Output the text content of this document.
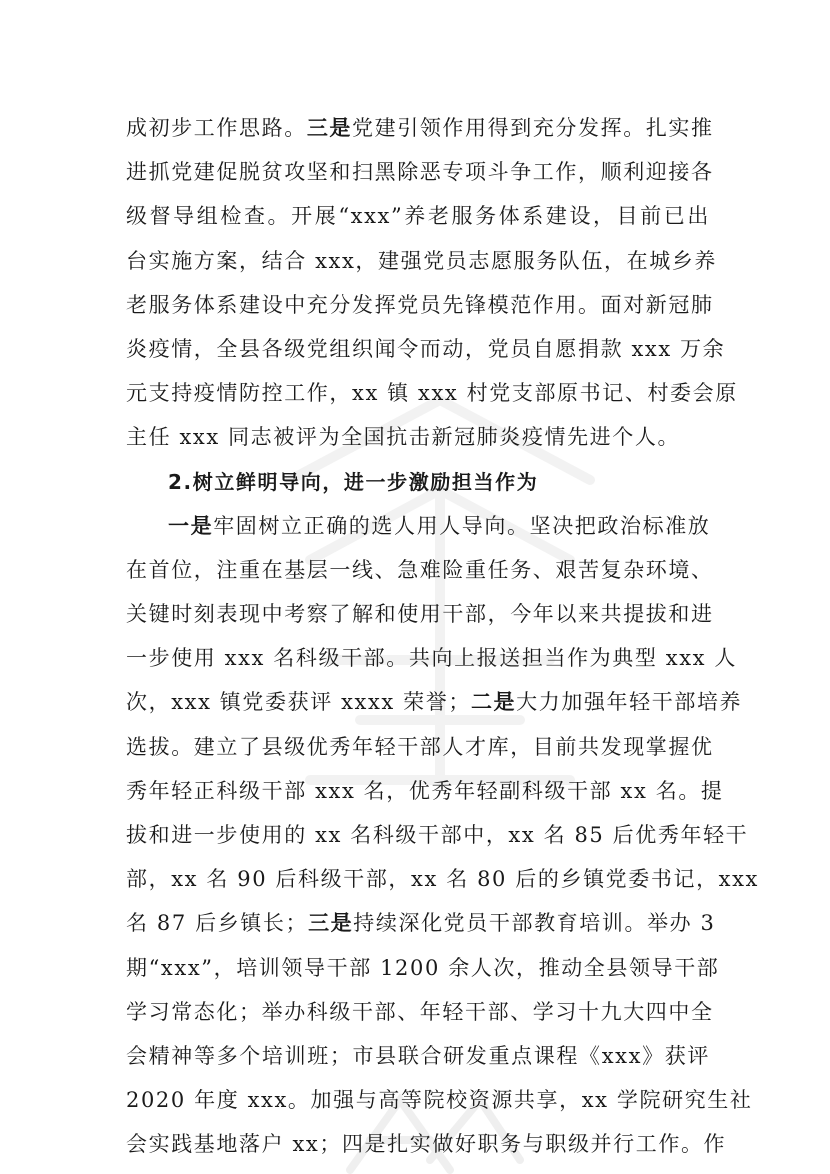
成初步工作思路。三是党建引领作用得到充分发挥。扎实推
进抓党建促脱贫攻坚和扫黑除恶专项斗争工作，顺利迎接各
级督导组检查。开展“xxx”养老服务体系建设，目前已出
台实施方案，结合 xxx，建强党员志愿服务队伍，在城乡养
老服务体系建设中充分发挥党员先锋模范作用。面对新冠肺
炎疫情，全县各级党组织闻令而动，党员自愿捐款 xxx 万余
元支持疫情防控工作，xx 镇 xxx 村党支部原书记、村委会原
主任 xxx 同志被评为全国抗击新冠肺炎疫情先进个人。
2.树立鲜明导向，进一步激励担当作为
一是牢固树立正确的选人用人导向。坚决把政治标准放
在首位，注重在基层一线、急难险重任务、艰苦复杂环境、
关键时刻表现中考察了解和使用干部，今年以来共提拔和进
一步使用 xxx 名科级干部。共向上报送担当作为典型 xxx 人
次，xxx 镇党委获评 xxxx 荣誉；二是大力加强年轻干部培养
选拔。建立了县级优秀年轻干部人才库，目前共发现掌握优
秀年轻正科级干部 xxx 名，优秀年轻副科级干部 xx 名。提
拔和进一步使用的 xx 名科级干部中，xx 名 85 后优秀年轻干
部，xx 名 90 后科级干部，xx 名 80 后的乡镇党委书记，xxx
名 87 后乡镇长；三是持续深化党员干部教育培训。举办 3
期“xxx”，培训领导干部 1200 余人次，推动全县领导干部
学习常态化；举办科级干部、年轻干部、学习十九大四中全
会精神等多个培训班；市县联合研发重点课程《xxx》获评
2020 年度 xxx。加强与高等院校资源共享，xx 学院研究生社
会实践基地落户 xx；四是扎实做好职务与职级并行工作。作
